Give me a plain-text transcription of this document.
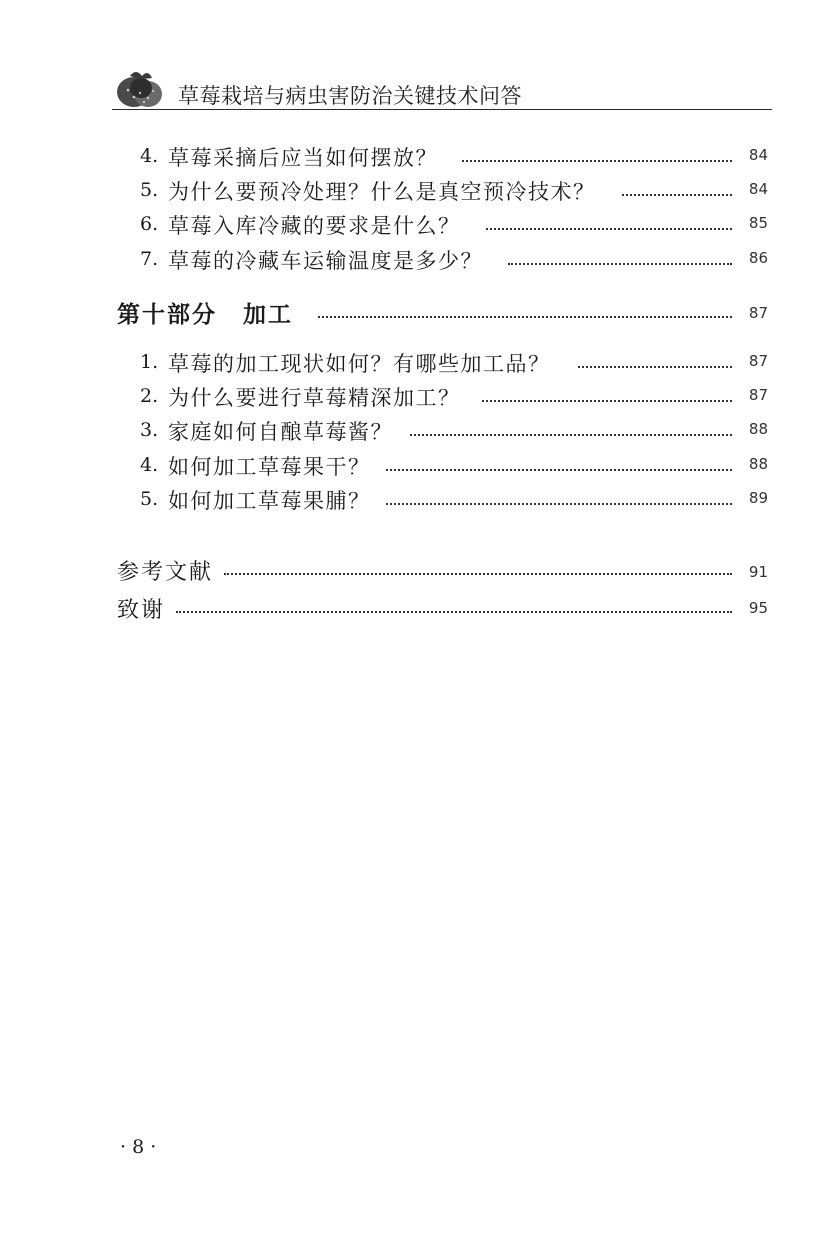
草莓栽培与病虫害防治关键技术问答
4. 草莓采摘后应当如何摆放？	84
5. 为什么要预冷处理？什么是真空预冷技术？	84
6. 草莓入库冷藏的要求是什么？	85
7. 草莓的冷藏车运输温度是多少？	86
第十部分 加工	87
1. 草莓的加工现状如何？有哪些加工品？	87
2. 为什么要进行草莓精深加工？	87
3. 家庭如何自酿草莓酱？	88
4. 如何加工草莓果干？	88
5. 如何加工草莓果脯？	89
参考文献	91
致谢	95
· 8 ·
